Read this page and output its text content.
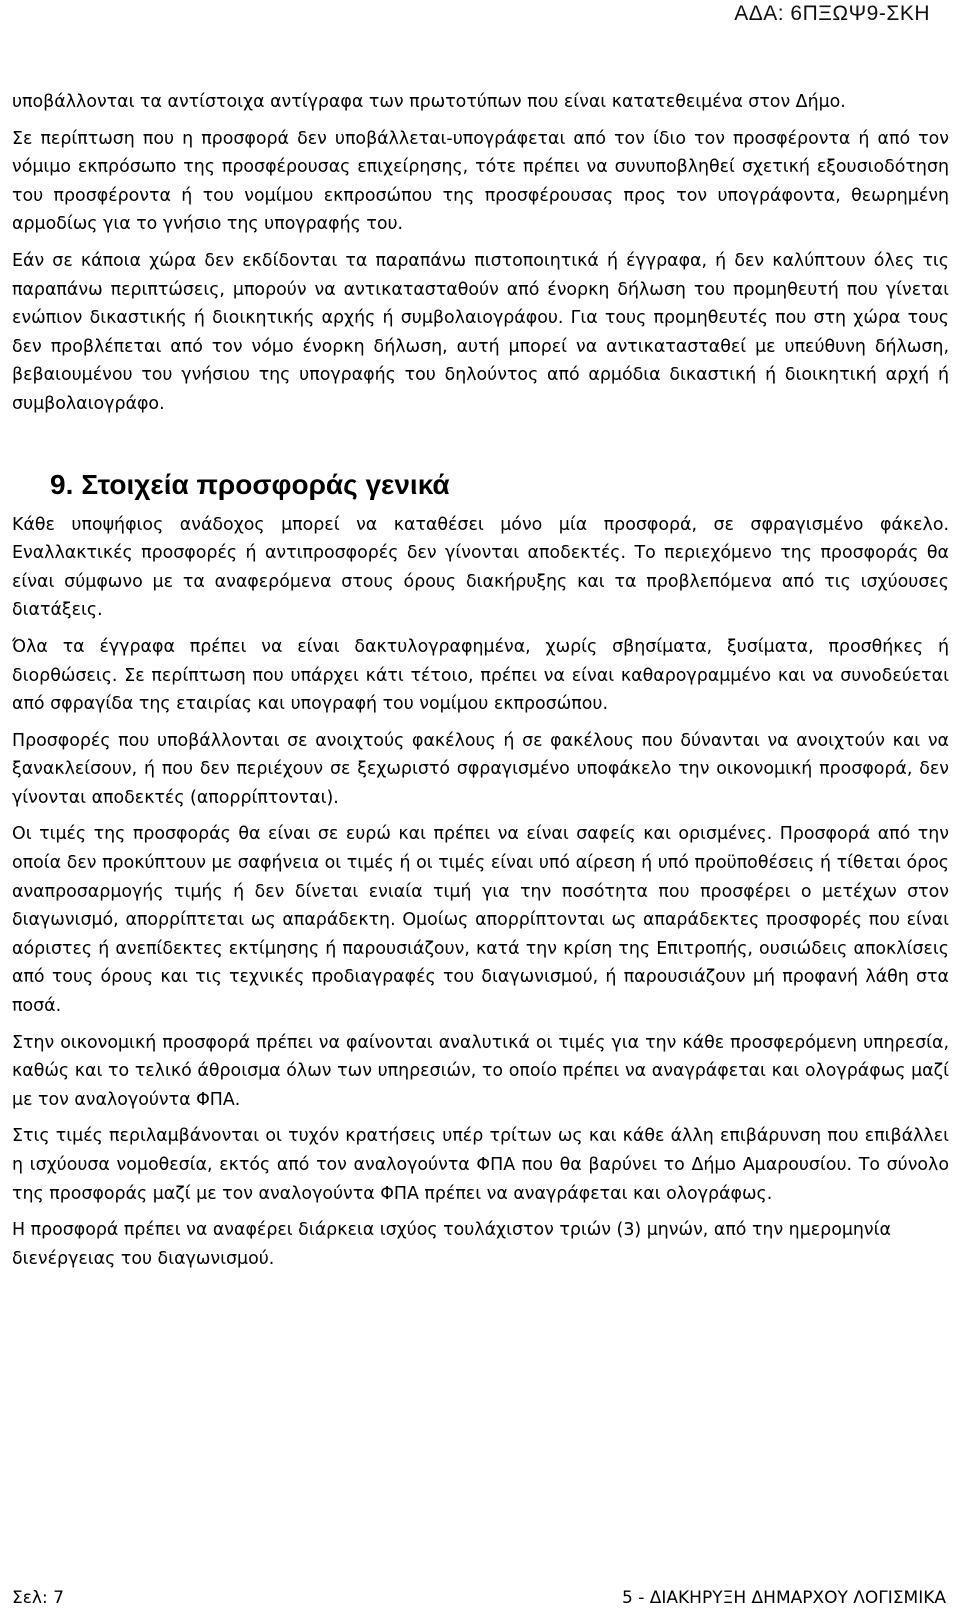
ΑΔΑ: 6ΠΞΩΨ9-ΣΚΗ

υποβάλλονται τα αντίστοιχα αντίγραφα των πρωτοτύπων που είναι κατατεθειμένα στον Δήμο.

Σε περίπτωση που η προσφορά δεν υποβάλλεται-υπογράφεται από τον ίδιο τον προσφέροντα ή από τον νόμιμο εκπρόσωπο της προσφέρουσας επιχείρησης, τότε πρέπει να συνυποβληθεί σχετική εξουσιοδότηση του προσφέροντα ή του νομίμου εκπροσώπου της προσφέρουσας προς τον υπογράφοντα, θεωρημένη αρμοδίως για το γνήσιο της υπογραφής του.

Εάν σε κάποια χώρα δεν εκδίδονται τα παραπάνω πιστοποιητικά ή έγγραφα, ή δεν καλύπτουν όλες τις παραπάνω περιπτώσεις, μπορούν να αντικατασταθούν από ένορκη δήλωση του προμηθευτή που γίνεται ενώπιον δικαστικής ή διοικητικής αρχής ή συμβολαιογράφου. Για τους προμηθευτές που στη χώρα τους δεν προβλέπεται από τον νόμο ένορκη δήλωση, αυτή μπορεί να αντικατασταθεί με υπεύθυνη δήλωση, βεβαιουμένου του γνήσιου της υπογραφής του δηλούντος από αρμόδια δικαστική ή διοικητική αρχή ή συμβολαιογράφο.

9. Στοιχεία προσφοράς γενικά

Κάθε υποψήφιος ανάδοχος μπορεί να καταθέσει μόνο μία προσφορά, σε σφραγισμένο φάκελο. Εναλλακτικές προσφορές ή αντιπροσφορές δεν γίνονται αποδεκτές. Το περιεχόμενο της προσφοράς θα είναι σύμφωνο με τα αναφερόμενα στους όρους διακήρυξης και τα προβλεπόμενα από τις ισχύουσες διατάξεις.

Όλα τα έγγραφα πρέπει να είναι δακτυλογραφημένα, χωρίς σβησίματα, ξυσίματα, προσθήκες ή διορθώσεις. Σε περίπτωση που υπάρχει κάτι τέτοιο, πρέπει να είναι καθαρογραμμένο και να συνοδεύεται από σφραγίδα της εταιρίας και υπογραφή του νομίμου εκπροσώπου.

Προσφορές που υποβάλλονται σε ανοιχτούς φακέλους ή σε φακέλους που δύνανται να ανοιχτούν και να ξανακλείσουν, ή που δεν περιέχουν σε ξεχωριστό σφραγισμένο υποφάκελο την οικονομική προσφορά, δεν γίνονται αποδεκτές (απορρίπτονται).

Οι τιμές της προσφοράς θα είναι σε ευρώ και πρέπει να είναι σαφείς και ορισμένες. Προσφορά από την οποία δεν προκύπτουν με σαφήνεια οι τιμές ή οι τιμές είναι υπό αίρεση ή υπό προϋποθέσεις ή τίθεται όρος αναπροσαρμογής τιμής ή δεν δίνεται ενιαία τιμή για την ποσότητα που προσφέρει ο μετέχων στον διαγωνισμό, απορρίπτεται ως απαράδεκτη. Ομοίως απορρίπτονται ως απαράδεκτες προσφορές που είναι αόριστες ή ανεπίδεκτες εκτίμησης ή παρουσιάζουν, κατά την κρίση της Επιτροπής, ουσιώδεις αποκλίσεις από τους όρους και τις τεχνικές προδιαγραφές του διαγωνισμού, ή παρουσιάζουν μή προφανή λάθη στα ποσά.

Στην οικονομική προσφορά πρέπει να φαίνονται αναλυτικά οι τιμές για την κάθε προσφερόμενη υπηρεσία, καθώς και το τελικό άθροισμα όλων των υπηρεσιών, το οποίο πρέπει να αναγράφεται και ολογράφως μαζί με τον αναλογούντα ΦΠΑ.

Στις τιμές περιλαμβάνονται οι τυχόν κρατήσεις υπέρ τρίτων ως και κάθε άλλη επιβάρυνση που επιβάλλει η ισχύουσα νομοθεσία, εκτός από τον αναλογούντα ΦΠΑ που θα βαρύνει το Δήμο Αμαρουσίου. Το σύνολο της προσφοράς μαζί με τον αναλογούντα ΦΠΑ πρέπει να αναγράφεται και ολογράφως.

Η προσφορά πρέπει να αναφέρει διάρκεια ισχύος τουλάχιστον τριών (3) μηνών, από την ημερομηνία διενέργειας του διαγωνισμού.

Σελ: 7	5 - ΔΙΑΚΗΡΥΞΗ ΔΗΜΑΡΧΟΥ ΛΟΓΙΣΜΙΚΑ
